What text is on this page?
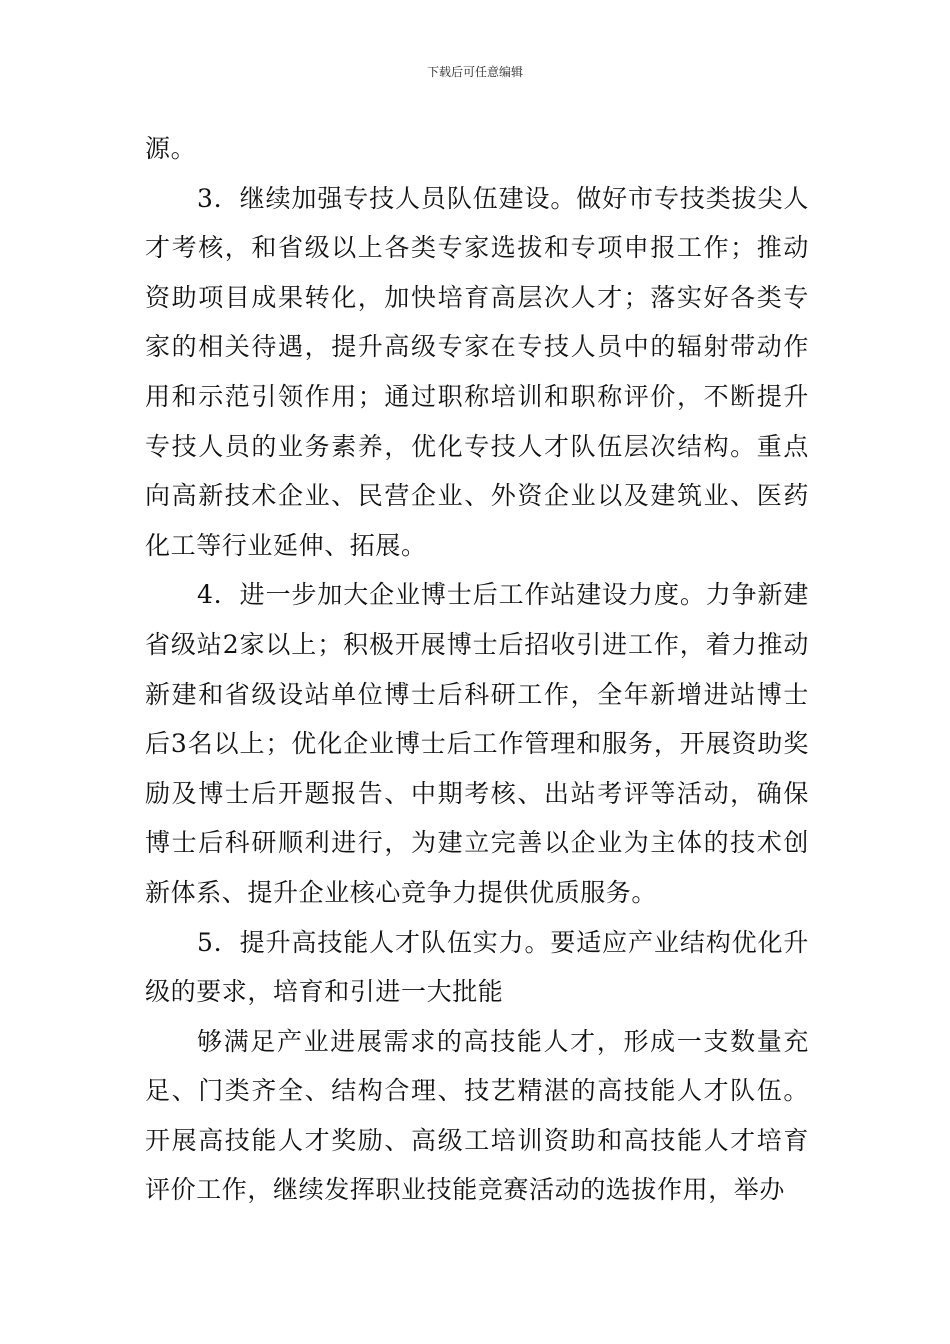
下载后可任意编辑

源。

3．继续加强专技人员队伍建设。做好市专技类拔尖人才考核，和省级以上各类专家选拔和专项申报工作；推动资助项目成果转化，加快培育高层次人才；落实好各类专家的相关待遇，提升高级专家在专技人员中的辐射带动作用和示范引领作用；通过职称培训和职称评价，不断提升专技人员的业务素养，优化专技人才队伍层次结构。重点向高新技术企业、民营企业、外资企业以及建筑业、医药化工等行业延伸、拓展。

4．进一步加大企业博士后工作站建设力度。力争新建省级站2家以上；积极开展博士后招收引进工作，着力推动新建和省级设站单位博士后科研工作，全年新增进站博士后3名以上；优化企业博士后工作管理和服务，开展资助奖励及博士后开题报告、中期考核、出站考评等活动，确保博士后科研顺利进行，为建立完善以企业为主体的技术创新体系、提升企业核心竞争力提供优质服务。

5．提升高技能人才队伍实力。要适应产业结构优化升级的要求，培育和引进一大批能

够满足产业进展需求的高技能人才，形成一支数量充足、门类齐全、结构合理、技艺精湛的高技能人才队伍。开展高技能人才奖励、高级工培训资助和高技能人才培育评价工作，继续发挥职业技能竞赛活动的选拔作用，举办
